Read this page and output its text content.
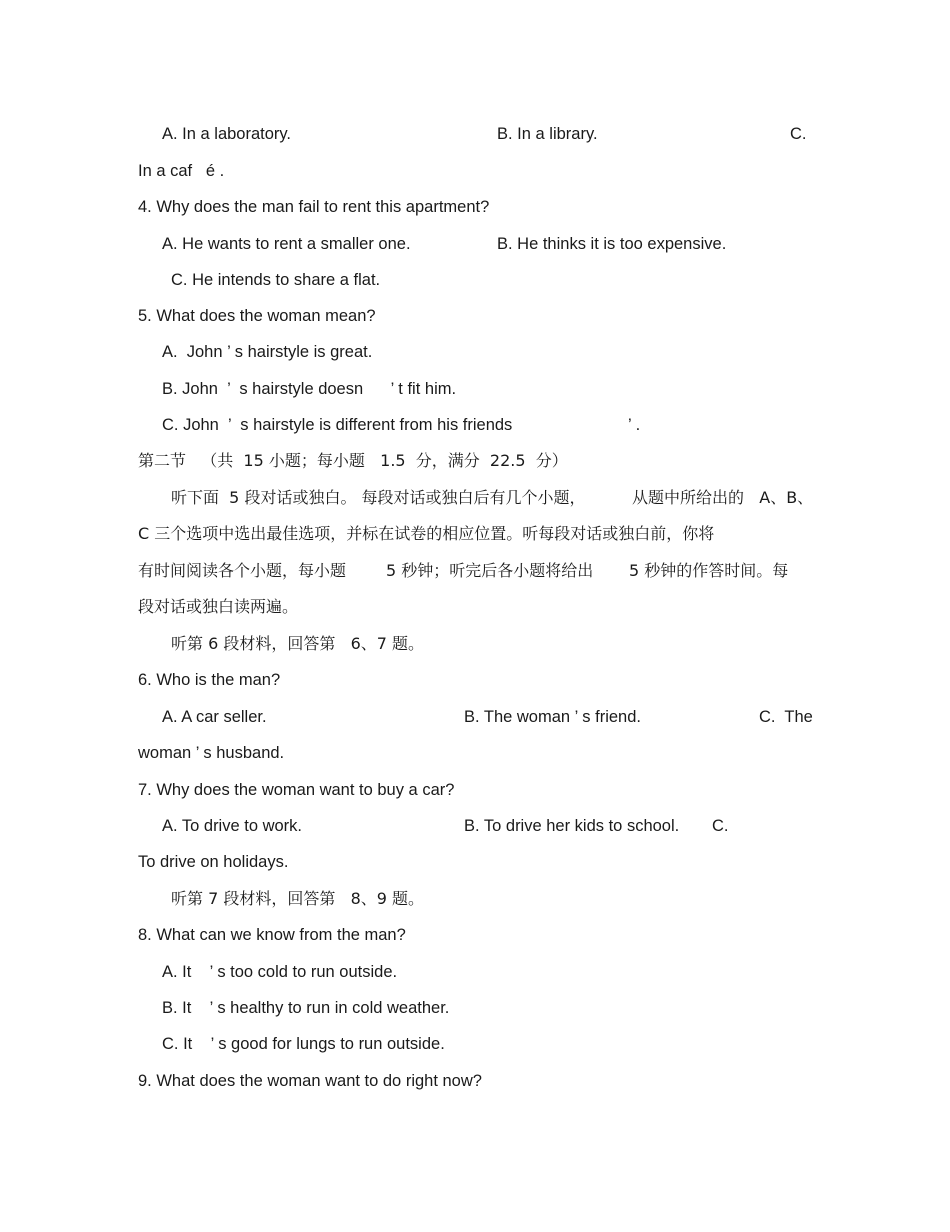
A. In a laboratory.	B. In a library.	C.
In a caf   é .
4. Why does the man fail to rent this apartment?
A. He wants to rent a smaller one.	B. He thinks it is too expensive.
C. He intends to share a flat.
5. What does the woman mean?
A.  John ’ s hairstyle is great.
B. John  ’  s hairstyle doesn      ’ t fit him.
C. John  ’  s hairstyle is different from his friends	’ .
第二节   （共  15 小题；每小题   1.5  分，满分  22.5  分）
听下面  5 段对话或独白。 每段对话或独白后有几个小题，	从题中所给出的   A、B、
C 三个选项中选出最佳选项，并标在试卷的相应位置。听每段对话或独白前，你将
有时间阅读各个小题，每小题 5 秒钟；听完后各小题将给出 5 秒钟的作答时间。每
段对话或独白读两遍。
听第 6 段材料，回答第   6、7 题。
6. Who is the man?
A. A car seller.	B. The woman ’ s friend.	C.  The
woman ’ s husband.
7. Why does the woman want to buy a car?
A. To drive to work.	B. To drive her kids to school. C.
To drive on holidays.
听第 7 段材料，回答第   8、9 题。
8. What can we know from the man?
A. It    ’ s too cold to run outside.
B. It    ’ s healthy to run in cold weather.
C. It    ’ s good for lungs to run outside.
9. What does the woman want to do right now?
